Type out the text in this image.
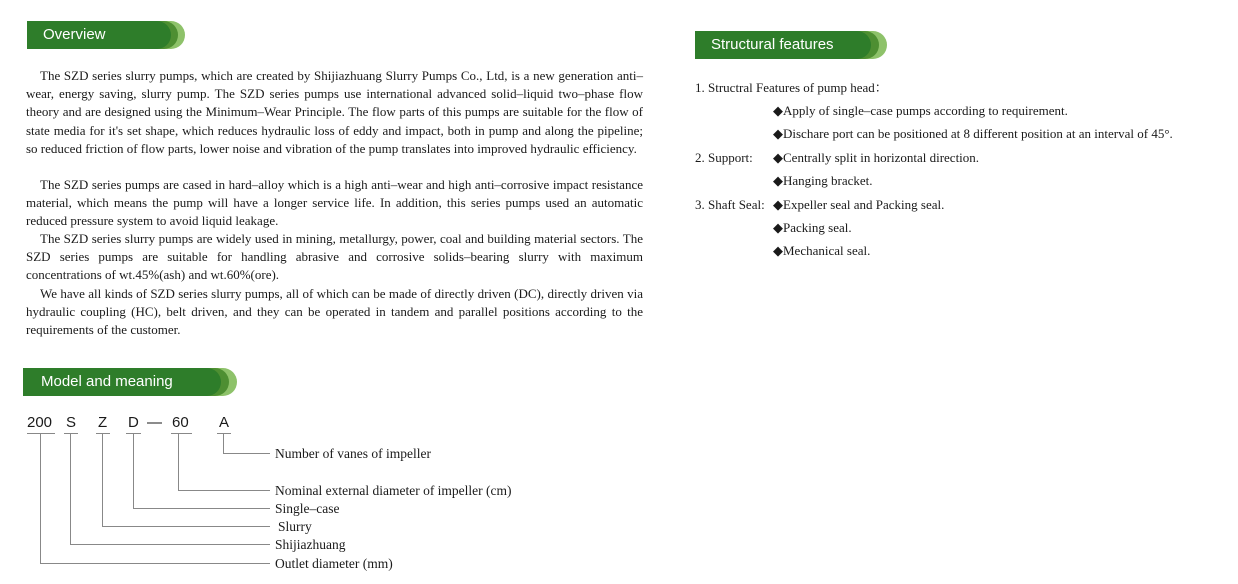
Overview

The SZD series slurry pumps, which are created by Shijiazhuang Slurry Pumps Co., Ltd, is a new generation anti–wear, energy saving, slurry pump. The SZD series pumps use international advanced solid–liquid two–phase flow theory and are designed using the Minimum–Wear Principle. The flow parts of this pumps are suitable for the flow of state media for it's set shape, which reduces hydraulic loss of eddy and impact, both in pump and along the pipeline; so reduced friction of flow parts, lower noise and vibration of the pump translates into improved hydraulic efficiency.

The SZD series pumps are cased in hard–alloy which is a high anti–wear and high anti–corrosive impact resistance material, which means the pump will have a longer service life. In addition, this series pumps used an automatic reduced pressure system to avoid liquid leakage.

The SZD series slurry pumps are widely used in mining, metallurgy, power, coal and building material sectors. The SZD series pumps are suitable for handling abrasive and corrosive solids–bearing slurry with maximum concentrations of wt.45%(ash) and wt.60%(ore).

We have all kinds of SZD series slurry pumps, all of which can be made of directly driven (DC), directly driven via hydraulic coupling (HC), belt driven, and they can be operated in tandem and parallel positions according to the requirements of the customer.

Structural features
1. Structral Features of pump head：
◆Apply of single–case pumps according to requirement.
◆Dischare port can be positioned at 8 different position at an interval of 45°.
2. Support: ◆Centrally split in horizontal direction.
◆Hanging bracket.
3. Shaft Seal: ◆Expeller seal and Packing seal.
◆Packing seal.
◆Mechanical seal.
Model and meaning
200 S Z D — 60 A
Number of vanes of impeller
Nominal external diameter of impeller (cm)
Single–case
Slurry
Shijiazhuang
Outlet diameter (mm)
